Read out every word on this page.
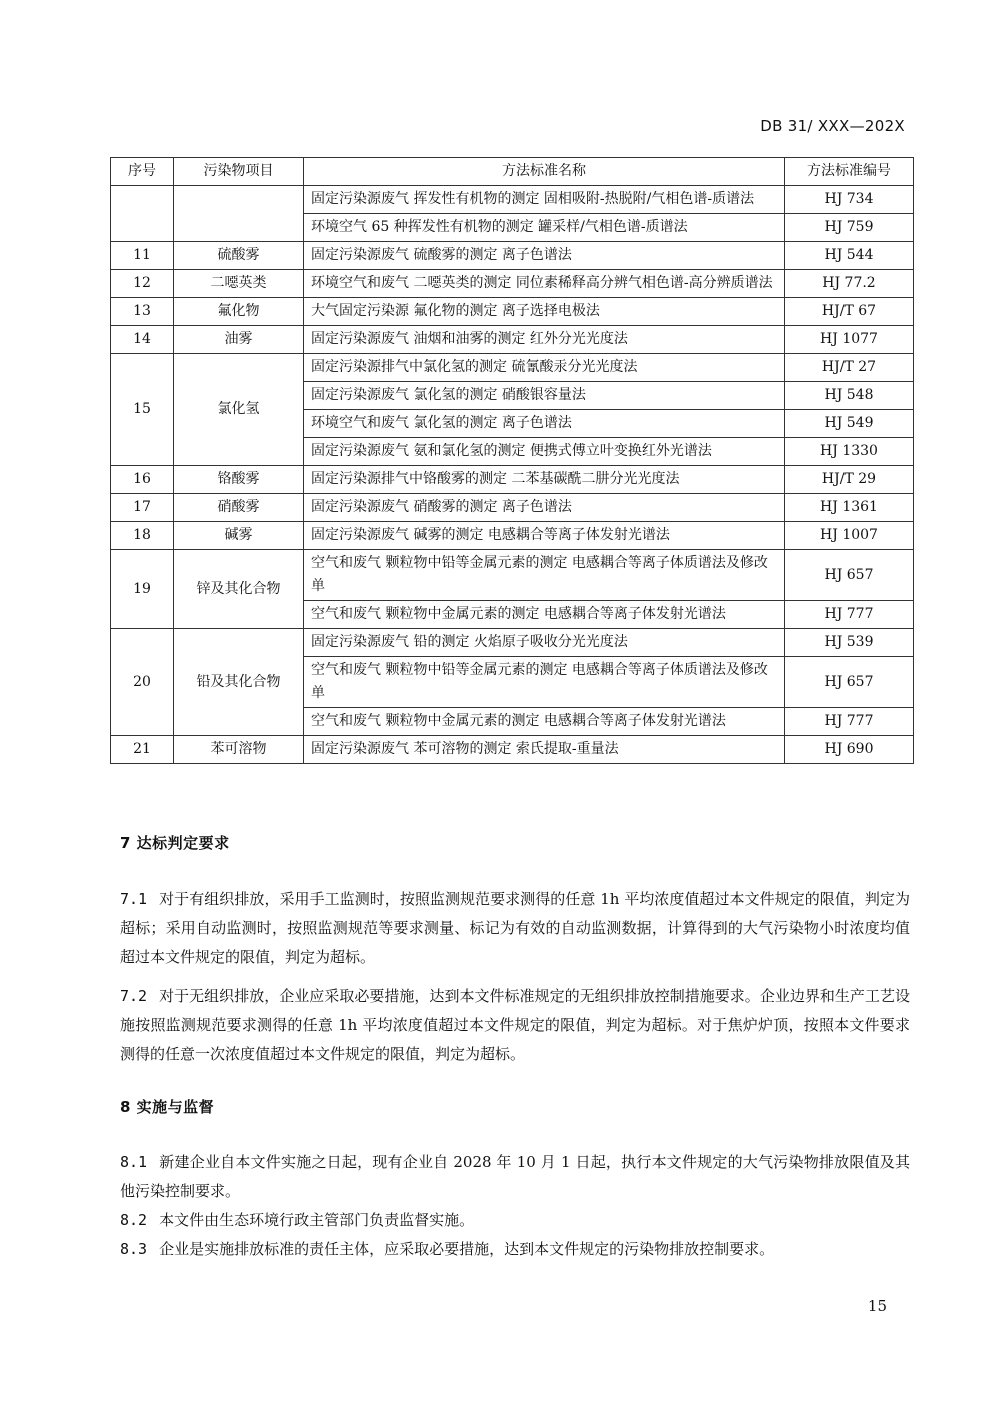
DB 31/ XXX—202X
序号	污染物项目	方法标准名称	方法标准编号
		固定污染源废气 挥发性有机物的测定 固相吸附-热脱附/气相色谱-质谱法	HJ 734
		环境空气 65 种挥发性有机物的测定 罐采样/气相色谱-质谱法	HJ 759
11	硫酸雾	固定污染源废气 硫酸雾的测定 离子色谱法	HJ 544
12	二噁英类	环境空气和废气 二噁英类的测定 同位素稀释高分辨气相色谱-高分辨质谱法	HJ 77.2
13	氟化物	大气固定污染源 氟化物的测定 离子选择电极法	HJ/T 67
14	油雾	固定污染源废气 油烟和油雾的测定 红外分光光度法	HJ 1077
15	氯化氢	固定污染源排气中氯化氢的测定 硫氰酸汞分光光度法	HJ/T 27
		固定污染源废气 氯化氢的测定 硝酸银容量法	HJ 548
		环境空气和废气 氯化氢的测定 离子色谱法	HJ 549
		固定污染源废气 氨和氯化氢的测定 便携式傅立叶变换红外光谱法	HJ 1330
16	铬酸雾	固定污染源排气中铬酸雾的测定 二苯基碳酰二肼分光光度法	HJ/T 29
17	硝酸雾	固定污染源废气 硝酸雾的测定 离子色谱法	HJ 1361
18	碱雾	固定污染源废气 碱雾的测定 电感耦合等离子体发射光谱法	HJ 1007
19	锌及其化合物	空气和废气 颗粒物中铅等金属元素的测定 电感耦合等离子体质谱法及修改单	HJ 657
		空气和废气 颗粒物中金属元素的测定 电感耦合等离子体发射光谱法	HJ 777
20	铅及其化合物	固定污染源废气 铅的测定 火焰原子吸收分光光度法	HJ 539
		空气和废气 颗粒物中铅等金属元素的测定 电感耦合等离子体质谱法及修改单	HJ 657
		空气和废气 颗粒物中金属元素的测定 电感耦合等离子体发射光谱法	HJ 777
21	苯可溶物	固定污染源废气 苯可溶物的测定 索氏提取-重量法	HJ 690
7 达标判定要求
7.1 对于有组织排放，采用手工监测时，按照监测规范要求测得的任意 1h 平均浓度值超过本文件规定的限值，判定为超标；采用自动监测时，按照监测规范等要求测量、标记为有效的自动监测数据，计算得到的大气污染物小时浓度均值超过本文件规定的限值，判定为超标。
7.2 对于无组织排放，企业应采取必要措施，达到本文件标准规定的无组织排放控制措施要求。企业边界和生产工艺设施按照监测规范要求测得的任意 1h 平均浓度值超过本文件规定的限值，判定为超标。对于焦炉炉顶，按照本文件要求测得的任意一次浓度值超过本文件规定的限值，判定为超标。
8 实施与监督
8.1 新建企业自本文件实施之日起，现有企业自 2028 年 10 月 1 日起，执行本文件规定的大气污染物排放限值及其他污染控制要求。
8.2 本文件由生态环境行政主管部门负责监督实施。
8.3 企业是实施排放标准的责任主体，应采取必要措施，达到本文件规定的污染物排放控制要求。
15
